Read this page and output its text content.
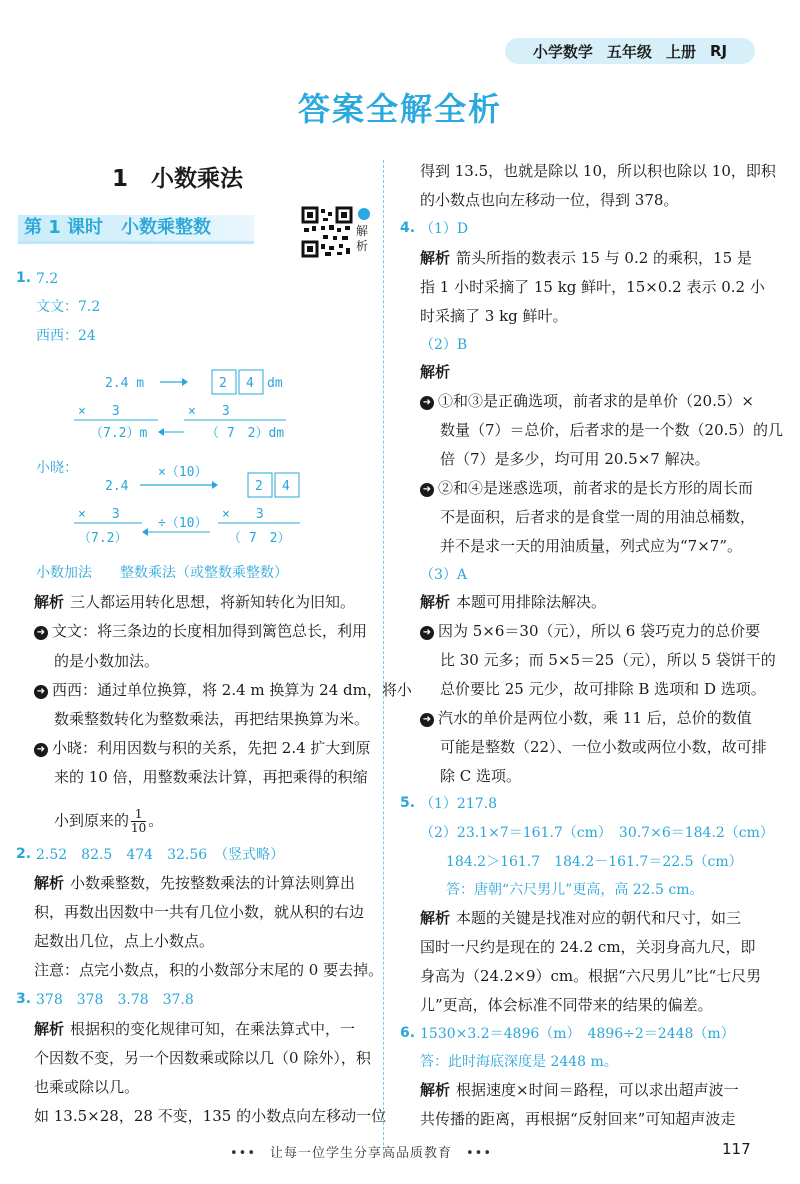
小学数学 五年级 上册 RJ
答案全解全析
1　小数乘法
第 1 课时　小数乘整数	解
析
1. 7.2
文文：7.2
西西：24
2.4 m	2 4 dm
×　　3	×　　3
（7.2）m	（ 7　2）dm
小晓：	×（10）
2.4	2 4
×　　3
÷（10）
×　　3
（7.2）	（ 7　2）
小数加法　　整数乘法（或整数乘整数）
解析 三人都运用转化思想，将新知转化为旧知。
➜ 文文：将三条边的长度相加得到篱笆总长，利用
的是小数加法。
➜ 西西：通过单位换算，将 2.4 m 换算为 24 dm，将小
数乘整数转化为整数乘法，再把结果换算为米。
➜ 小晓：利用因数与积的关系，先把 2.4 扩大到原
来的 10 倍，用整数乘法计算，再把乘得的积缩
小到原来的 $\frac{1}{10}$ 。
2. 2.52　82.5　474　32.56　（竖式略）
解析 小数乘整数，先按整数乘法的计算法则算出
积，再数出因数中一共有几位小数，就从积的右边
起数出几位，点上小数点。
注意：点完小数点，积的小数部分末尾的 0 要去掉。
3. 378　378　3.78　37.8
解析 根据积的变化规律可知，在乘法算式中，一
个因数不变，另一个因数乘或除以几（0 除外），积
也乘或除以几。
如 13.5×28，28 不变，135 的小数点向左移动一位
得到 13.5，也就是除以 10，所以积也除以 10，即积
的小数点也向左移动一位，得到 378。
4. （1）D
解析 箭头所指的数表示 15 与 0.2 的乘积，15 是
指 1 小时采摘了 15 kg 鲜叶，15×0.2 表示 0.2 小
时采摘了 3 kg 鲜叶。
（2）B
解析
➜ ①和③是正确选项，前者求的是单价（20.5）×
数量（7）＝总价，后者求的是一个数（20.5）的几
倍（7）是多少，均可用 20.5×7 解决。
➜ ②和④是迷惑选项，前者求的是长方形的周长而
不是面积，后者求的是食堂一周的用油总桶数，
并不是求一天的用油质量，列式应为“7×7”。
（3）A
解析 本题可用排除法解决。
➜ 因为 5×6＝30（元），所以 6 袋巧克力的总价要
比 30 元多；而 5×5＝25（元），所以 5 袋饼干的
总价要比 25 元少，故可排除 B 选项和 D 选项。
➜ 汽水的单价是两位小数，乘 11 后，总价的数值
可能是整数（22）、一位小数或两位小数，故可排
除 C 选项。
5. （1）217.8
（2）23.1×7＝161.7（cm）　30.7×6＝184.2（cm）
184.2＞161.7　184.2－161.7＝22.5（cm）
答：唐朝“六尺男儿”更高，高 22.5 cm。
解析 本题的关键是找准对应的朝代和尺寸，如三
国时一尺约是现在的 24.2 cm，关羽身高九尺，即
身高为（24.2×9）cm。根据“六尺男儿”比“七尺男
儿”更高，体会标准不同带来的结果的偏差。
6. 1530×3.2＝4896（m）　4896÷2＝2448（m）
答：此时海底深度是 2448 m。
解析 根据速度×时间＝路程，可以求出超声波一
共传播的距离，再根据“反射回来”可知超声波走
•••　让每一位学生分享高品质教育　•••	117
